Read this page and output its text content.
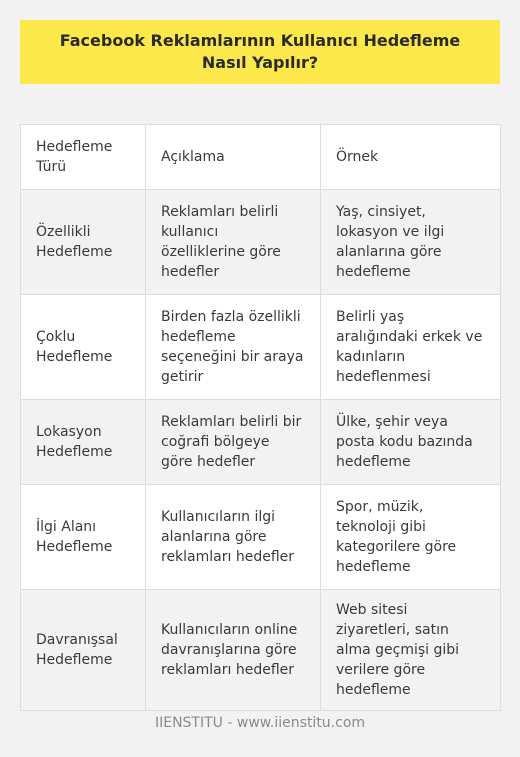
Facebook Reklamlarının Kullanıcı Hedefleme Nasıl Yapılır?
Hedefleme Türü	Açıklama	Örnek
Özellikli Hedefleme	Reklamları belirli kullanıcı özelliklerine göre hedefler	Yaş, cinsiyet, lokasyon ve ilgi alanlarına göre hedefleme
Çoklu Hedefleme	Birden fazla özellikli hedefleme seçeneğini bir araya getirir	Belirli yaş aralığındaki erkek ve kadınların hedeflenmesi
Lokasyon Hedefleme	Reklamları belirli bir coğrafi bölgeye göre hedefler	Ülke, şehir veya posta kodu bazında hedefleme
İlgi Alanı Hedefleme	Kullanıcıların ilgi alanlarına göre reklamları hedefler	Spor, müzik, teknoloji gibi kategorilere göre hedefleme
Davranışsal Hedefleme	Kullanıcıların online davranışlarına göre reklamları hedefler	Web sitesi ziyaretleri, satın alma geçmişi gibi verilere göre hedefleme
IIENSTITU - www.iienstitu.com
